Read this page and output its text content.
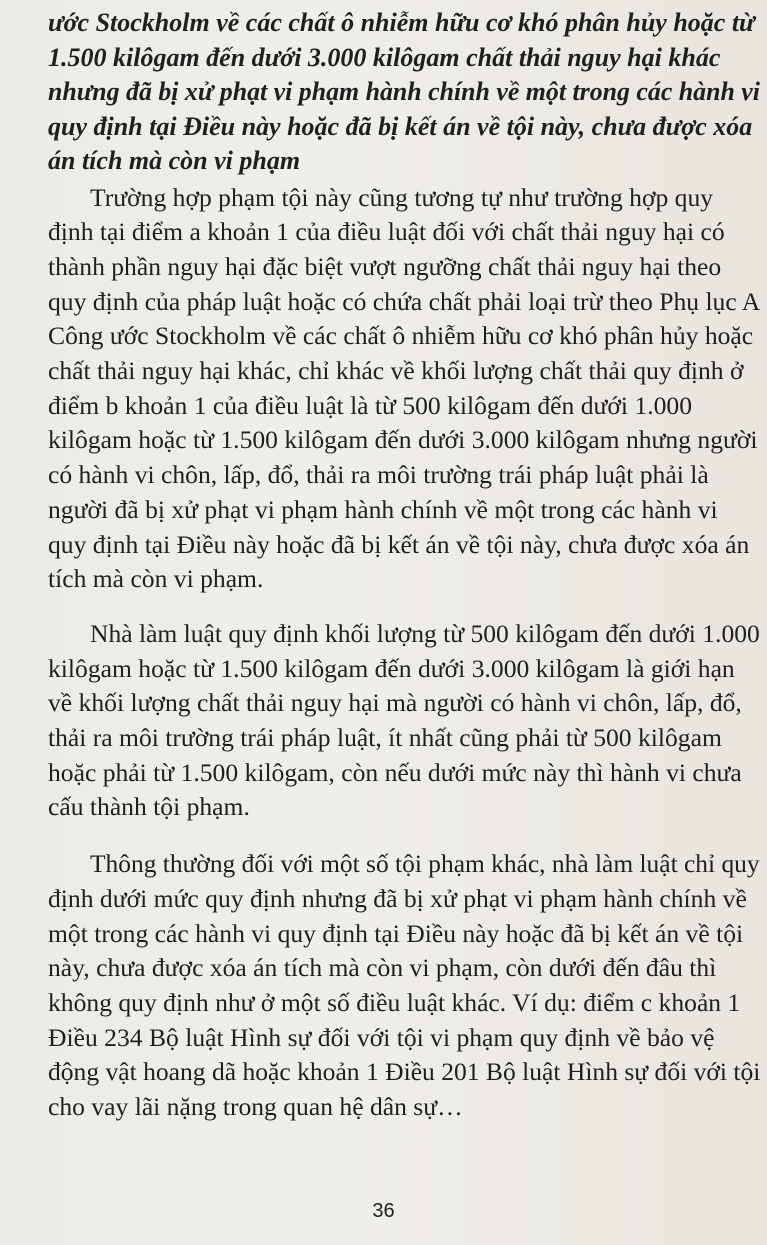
ước Stockholm về các chất ô nhiễm hữu cơ khó phân hủy hoặc từ
1.500 kilôgam đến dưới 3.000 kilôgam chất thải nguy hại khác
nhưng đã bị xử phạt vi phạm hành chính về một trong các hành vi
quy định tại Điều này hoặc đã bị kết án về tội này, chưa được xóa
án tích mà còn vi phạm
Trường hợp phạm tội này cũng tương tự như trường hợp quy
định tại điểm a khoản 1 của điều luật đối với chất thải nguy hại có
thành phần nguy hại đặc biệt vượt ngưỡng chất thải nguy hại theo
quy định của pháp luật hoặc có chứa chất phải loại trừ theo Phụ lục A
Công ước Stockholm về các chất ô nhiễm hữu cơ khó phân hủy hoặc
chất thải nguy hại khác, chỉ khác về khối lượng chất thải quy định ở
điểm b khoản 1 của điều luật là từ 500 kilôgam đến dưới 1.000
kilôgam hoặc từ 1.500 kilôgam đến dưới 3.000 kilôgam nhưng người
có hành vi chôn, lấp, đổ, thải ra môi trường trái pháp luật phải là
người đã bị xử phạt vi phạm hành chính về một trong các hành vi
quy định tại Điều này hoặc đã bị kết án về tội này, chưa được xóa án
tích mà còn vi phạm.
Nhà làm luật quy định khối lượng từ 500 kilôgam đến dưới 1.000
kilôgam hoặc từ 1.500 kilôgam đến dưới 3.000 kilôgam là giới hạn
về khối lượng chất thải nguy hại mà người có hành vi chôn, lấp, đổ,
thải ra môi trường trái pháp luật, ít nhất cũng phải từ 500 kilôgam
hoặc phải từ 1.500 kilôgam, còn nếu dưới mức này thì hành vi chưa
cấu thành tội phạm.
Thông thường đối với một số tội phạm khác, nhà làm luật chỉ quy
định dưới mức quy định nhưng đã bị xử phạt vi phạm hành chính về
một trong các hành vi quy định tại Điều này hoặc đã bị kết án về tội
này, chưa được xóa án tích mà còn vi phạm, còn dưới đến đâu thì
không quy định như ở một số điều luật khác. Ví dụ: điểm c khoản 1
Điều 234 Bộ luật Hình sự đối với tội vi phạm quy định về bảo vệ
động vật hoang dã hoặc khoản 1 Điều 201 Bộ luật Hình sự đối với tội
cho vay lãi nặng trong quan hệ dân sự…
36
